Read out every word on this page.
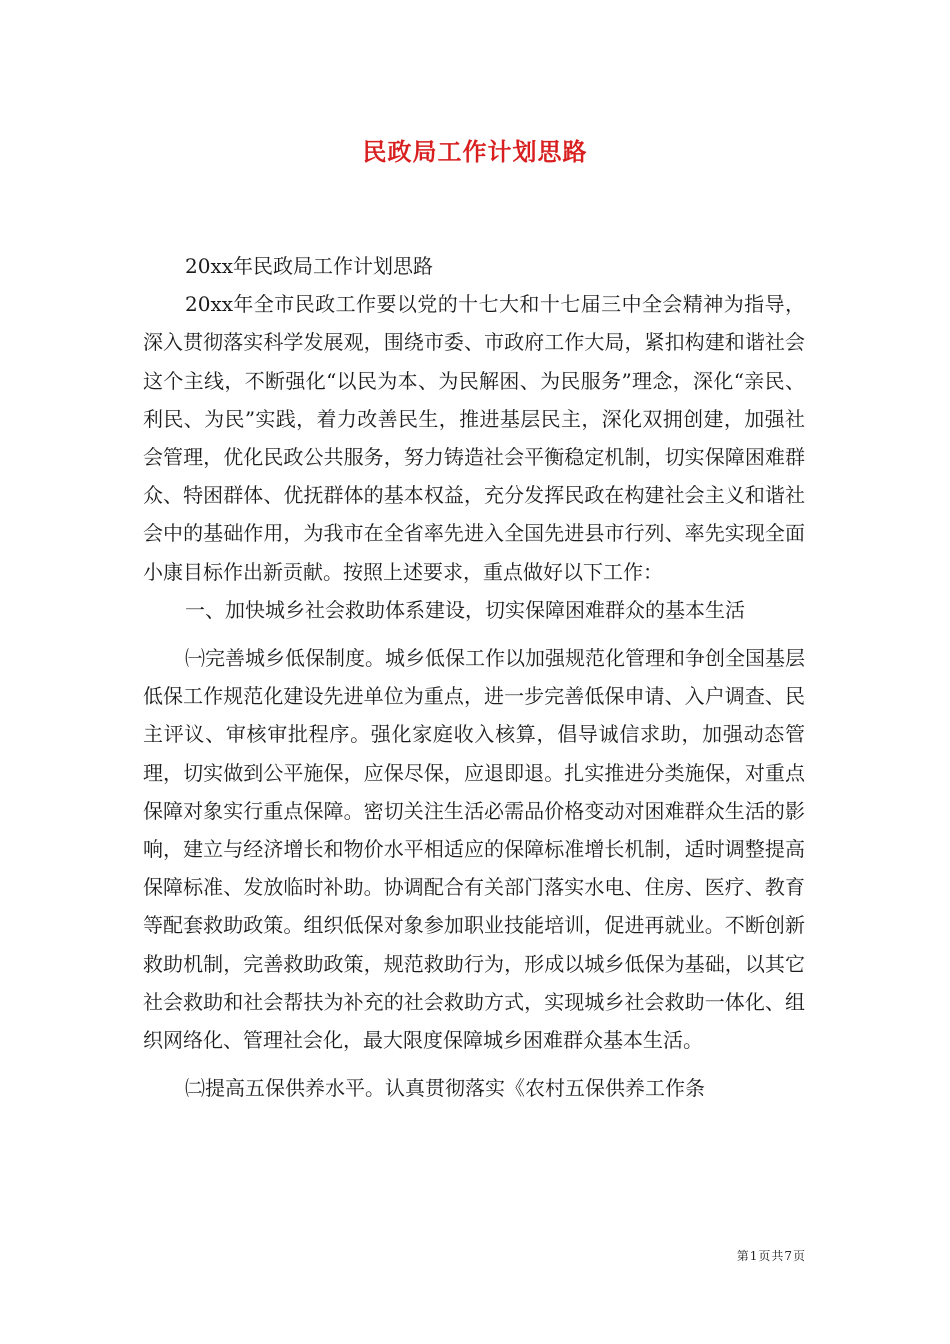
民政局工作计划思路

20xx年民政局工作计划思路

20xx年全市民政工作要以党的十七大和十七届三中全会精神为指导，深入贯彻落实科学发展观，围绕市委、市政府工作大局，紧扣构建和谐社会这个主线，不断强化“以民为本、为民解困、为民服务”理念，深化“亲民、利民、为民”实践，着力改善民生，推进基层民主，深化双拥创建，加强社会管理，优化民政公共服务，努力铸造社会平衡稳定机制，切实保障困难群众、特困群体、优抚群体的基本权益，充分发挥民政在构建社会主义和谐社会中的基础作用，为我市在全省率先进入全国先进县市行列、率先实现全面小康目标作出新贡献。按照上述要求，重点做好以下工作：

一、加快城乡社会救助体系建设，切实保障困难群众的基本生活

㈠完善城乡低保制度。城乡低保工作以加强规范化管理和争创全国基层低保工作规范化建设先进单位为重点，进一步完善低保申请、入户调查、民主评议、审核审批程序。强化家庭收入核算，倡导诚信求助，加强动态管理，切实做到公平施保，应保尽保，应退即退。扎实推进分类施保，对重点保障对象实行重点保障。密切关注生活必需品价格变动对困难群众生活的影响，建立与经济增长和物价水平相适应的保障标准增长机制，适时调整提高保障标准、发放临时补助。协调配合有关部门落实水电、住房、医疗、教育等配套救助政策。组织低保对象参加职业技能培训，促进再就业。不断创新救助机制，完善救助政策，规范救助行为，形成以城乡低保为基础，以其它社会救助和社会帮扶为补充的社会救助方式，实现城乡社会救助一体化、组织网络化、管理社会化，最大限度保障城乡困难群众基本生活。

㈡提高五保供养水平。认真贯彻落实《农村五保供养工作条

第1页共7页
